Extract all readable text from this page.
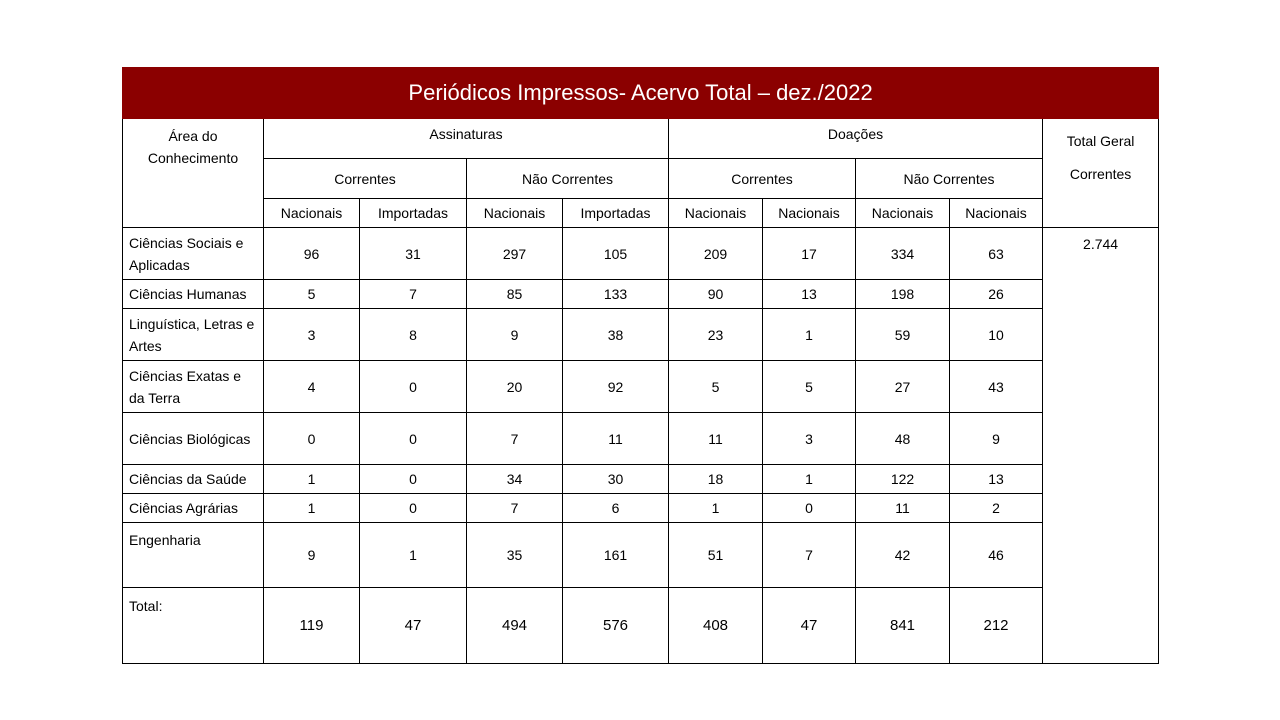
Periódicos Impressos- Acervo Total – dez./2022									
Área do Conhecimento	Assinaturas				Doações				Total Geral Correntes
	Correntes		Não Correntes		Correntes		Não Correntes		
	Nacionais	Importadas	Nacionais	Importadas	Nacionais	Nacionais	Nacionais	Nacionais	
Ciências Sociais e Aplicadas	96	31	297	105	209	17	334	63	2.744
Ciências Humanas	5	7	85	133	90	13	198	26	
Linguística, Letras e Artes	3	8	9	38	23	1	59	10	
Ciências Exatas e da Terra	4	0	20	92	5	5	27	43	
Ciências Biológicas	0	0	7	11	11	3	48	9	
Ciências da Saúde	1	0	34	30	18	1	122	13	
Ciências Agrárias	1	0	7	6	1	0	11	2	
Engenharia	9	1	35	161	51	7	42	46	
Total:	119	47	494	576	408	47	841	212	
